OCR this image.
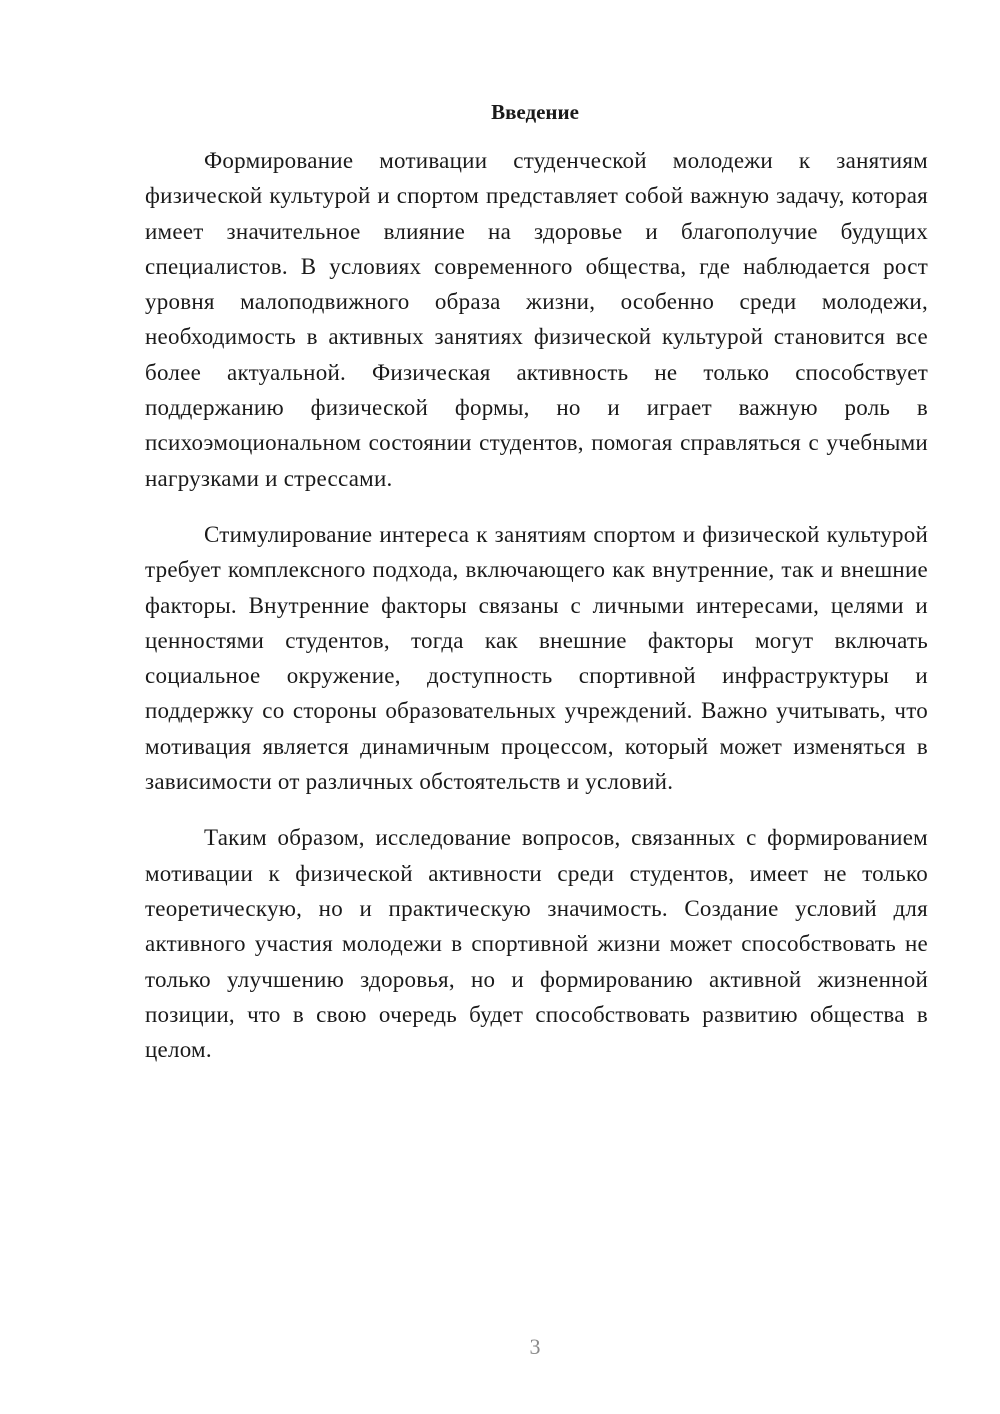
Введение

Формирование мотивации студенческой молодежи к занятиям физической культурой и спортом представляет собой важную задачу, которая имеет значительное влияние на здоровье и благополучие будущих специалистов. В условиях современного общества, где наблюдается рост уровня малоподвижного образа жизни, особенно среди молодежи, необходимость в активных занятиях физической культурой становится все более актуальной. Физическая активность не только способствует поддержанию физической формы, но и играет важную роль в психоэмоциональном состоянии студентов, помогая справляться с учебными нагрузками и стрессами.

Стимулирование интереса к занятиям спортом и физической культурой требует комплексного подхода, включающего как внутренние, так и внешние факторы. Внутренние факторы связаны с личными интересами, целями и ценностями студентов, тогда как внешние факторы могут включать социальное окружение, доступность спортивной инфраструктуры и поддержку со стороны образовательных учреждений. Важно учитывать, что мотивация является динамичным процессом, который может изменяться в зависимости от различных обстоятельств и условий.

Таким образом, исследование вопросов, связанных с формированием мотивации к физической активности среди студентов, имеет не только теоретическую, но и практическую значимость. Создание условий для активного участия молодежи в спортивной жизни может способствовать не только улучшению здоровья, но и формированию активной жизненной позиции, что в свою очередь будет способствовать развитию общества в целом.

3
